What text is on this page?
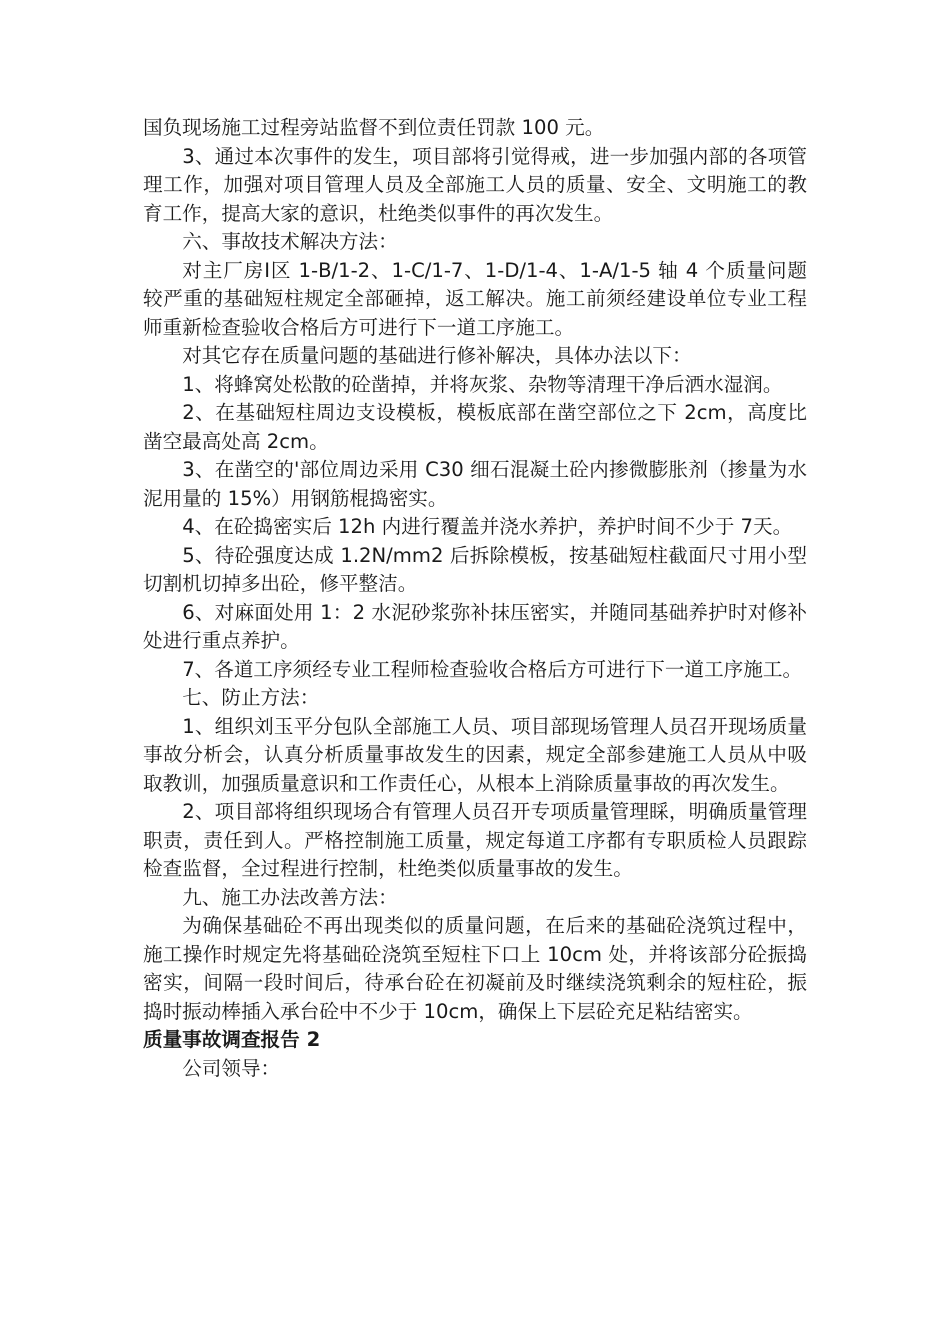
国负现场施工过程旁站监督不到位责任罚款 100 元。

3、通过本次事件的发生，项目部将引觉得戒，进一步加强内部的各项管理工作，加强对项目管理人员及全部施工人员的质量、安全、文明施工的教育工作，提高大家的意识，杜绝类似事件的再次发生。

六、事故技术解决方法：

对主厂房Ⅰ区 1-B/1-2、1-C/1-7、1-D/1-4、1-A/1-5 轴 4 个质量问题较严重的基础短柱规定全部砸掉，返工解决。施工前须经建设单位专业工程师重新检查验收合格后方可进行下一道工序施工。

对其它存在质量问题的基础进行修补解决，具体办法以下：

1、将蜂窝处松散的砼凿掉，并将灰浆、杂物等清理干净后洒水湿润。

2、在基础短柱周边支设模板，模板底部在凿空部位之下 2cm，高度比凿空最高处高 2cm。

3、在凿空的'部位周边采用 C30 细石混凝土砼内掺微膨胀剂（掺量为水泥用量的 15%）用钢筋棍捣密实。

4、在砼捣密实后 12h 内进行覆盖并浇水养护，养护时间不少于 7天。

5、待砼强度达成 1.2N/mm2 后拆除模板，按基础短柱截面尺寸用小型切割机切掉多出砼，修平整洁。

6、对麻面处用 1：2 水泥砂浆弥补抹压密实，并随同基础养护时对修补处进行重点养护。

7、各道工序须经专业工程师检查验收合格后方可进行下一道工序施工。

七、防止方法：

1、组织刘玉平分包队全部施工人员、项目部现场管理人员召开现场质量事故分析会，认真分析质量事故发生的因素，规定全部参建施工人员从中吸取教训，加强质量意识和工作责任心，从根本上消除质量事故的再次发生。

2、项目部将组织现场合有管理人员召开专项质量管理睬，明确质量管理职责，责任到人。严格控制施工质量，规定每道工序都有专职质检人员跟踪检查监督，全过程进行控制，杜绝类似质量事故的发生。

九、施工办法改善方法：

为确保基础砼不再出现类似的质量问题，在后来的基础砼浇筑过程中，施工操作时规定先将基础砼浇筑至短柱下口上 10cm 处，并将该部分砼振捣密实，间隔一段时间后，待承台砼在初凝前及时继续浇筑剩余的短柱砼，振捣时振动棒插入承台砼中不少于 10cm，确保上下层砼充足粘结密实。

质量事故调查报告 2

公司领导：
